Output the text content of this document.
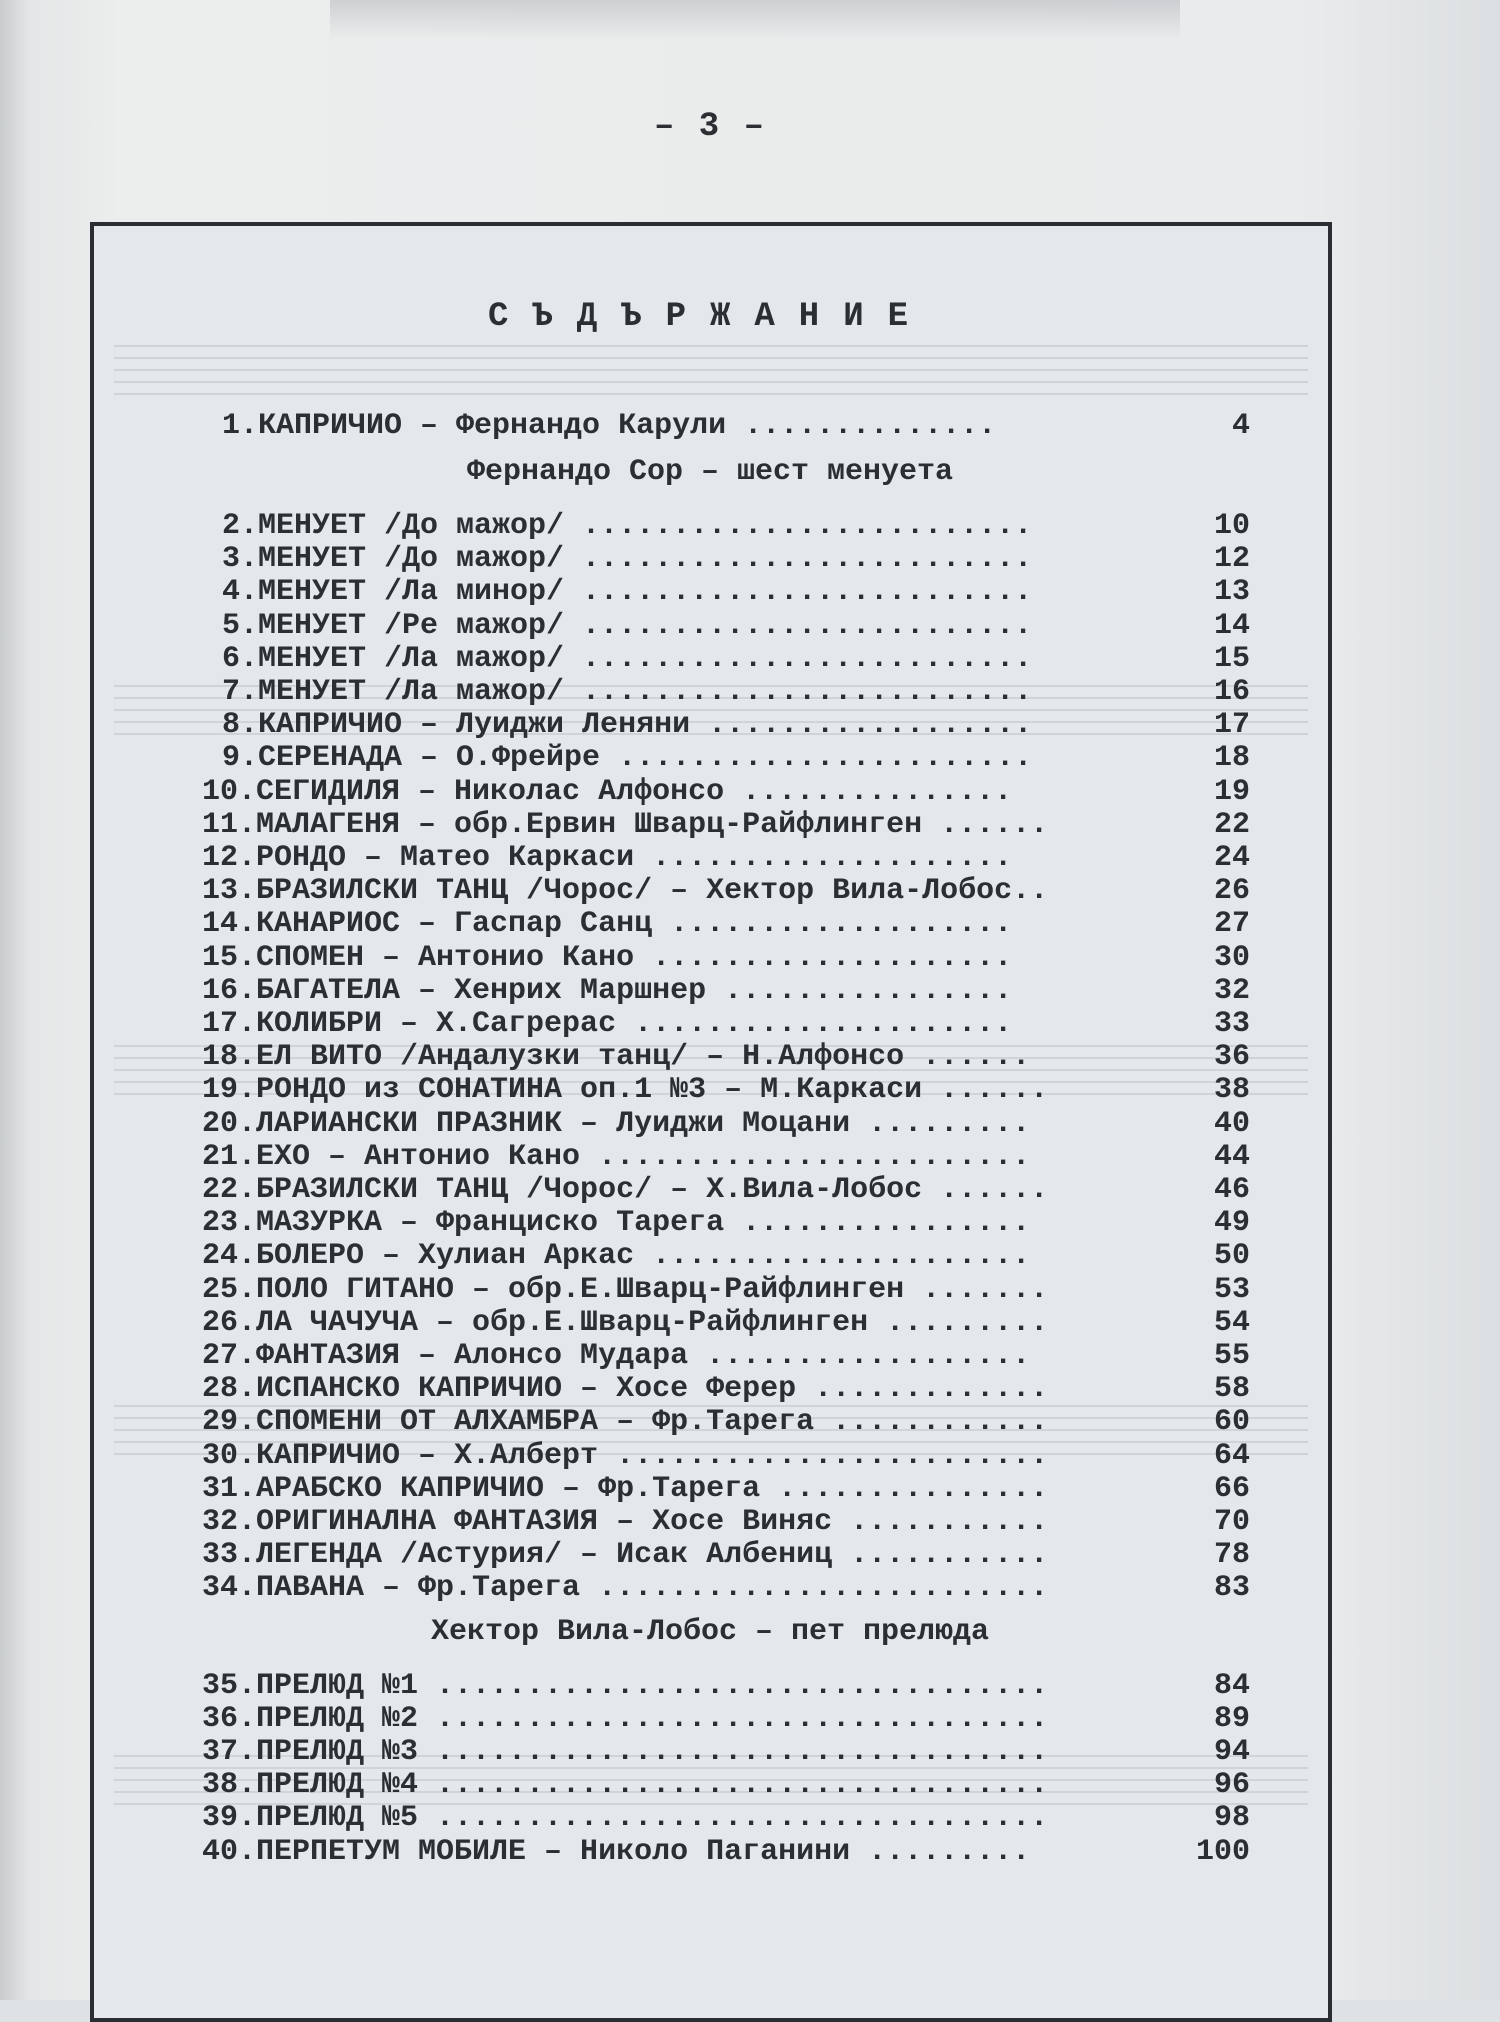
– 3 –
СЪДЪРЖАНИЕ
1.КАПРИЧИО – Фернандо Карули ..............	4
Фернандо Сор – шест менуета
2.МЕНУЕТ /До мажор/ .........................	10
3.МЕНУЕТ /До мажор/ .........................	12
4.МЕНУЕТ /Ла минор/ .........................	13
5.МЕНУЕТ /Ре мажор/ .........................	14
6.МЕНУЕТ /Ла мажор/ .........................	15
7.МЕНУЕТ /Ла мажор/ .........................	16
8.КАПРИЧИО – Луиджи Леняни ..................	17
9.СЕРЕНАДА – О.Фрейре .......................	18
10.СЕГИДИЛЯ – Николас Алфонсо ...............	19
11.МАЛАГЕНЯ – обр.Ервин Шварц-Райфлинген ......	22
12.РОНДО – Матео Каркаси ....................	24
13.БРАЗИЛСКИ ТАНЦ /Чорос/ – Хектор Вила-Лобос..	26
14.КАНАРИОС – Гаспар Санц ...................	27
15.СПОМЕН – Антонио Кано ....................	30
16.БАГАТЕЛА – Хенрих Маршнер ................	32
17.КОЛИБРИ – Х.Сагрерас .....................	33
18.ЕЛ ВИТО /Андалузки танц/ – Н.Алфонсо ......	36
19.РОНДО из СОНАТИНА оп.1 №3 – М.Каркаси ......	38
20.ЛАРИАНСКИ ПРАЗНИК – Луиджи Моцани .........	40
21.ЕХО – Антонио Кано ........................	44
22.БРАЗИЛСКИ ТАНЦ /Чорос/ – Х.Вила-Лобос ......	46
23.МАЗУРКА – Франциско Тарега ................	49
24.БОЛЕРО – Хулиан Аркас .....................	50
25.ПОЛО ГИТАНО – обр.Е.Шварц-Райфлинген .......	53
26.ЛА ЧАЧУЧА – обр.Е.Шварц-Райфлинген .........	54
27.ФАНТАЗИЯ – Алонсо Мудара ..................	55
28.ИСПАНСКО КАПРИЧИО – Хосе Ферер .............	58
29.СПОМЕНИ ОТ АЛХАМБРА – Фр.Тарега ............	60
30.КАПРИЧИО – Х.Алберт ........................	64
31.АРАБСКО КАПРИЧИО – Фр.Тарега ...............	66
32.ОРИГИНАЛНА ФАНТАЗИЯ – Хосе Виняс ...........	70
33.ЛЕГЕНДА /Астурия/ – Исак Албениц ...........	78
34.ПАВАНА – Фр.Тарега .........................	83
Хектор Вила-Лобос – пет прелюда
35.ПРЕЛЮД №1 ..................................	84
36.ПРЕЛЮД №2 ..................................	89
37.ПРЕЛЮД №3 ..................................	94
38.ПРЕЛЮД №4 ..................................	96
39.ПРЕЛЮД №5 ..................................	98
40.ПЕРПЕТУМ МОБИЛЕ – Николо Паганини .........	100
